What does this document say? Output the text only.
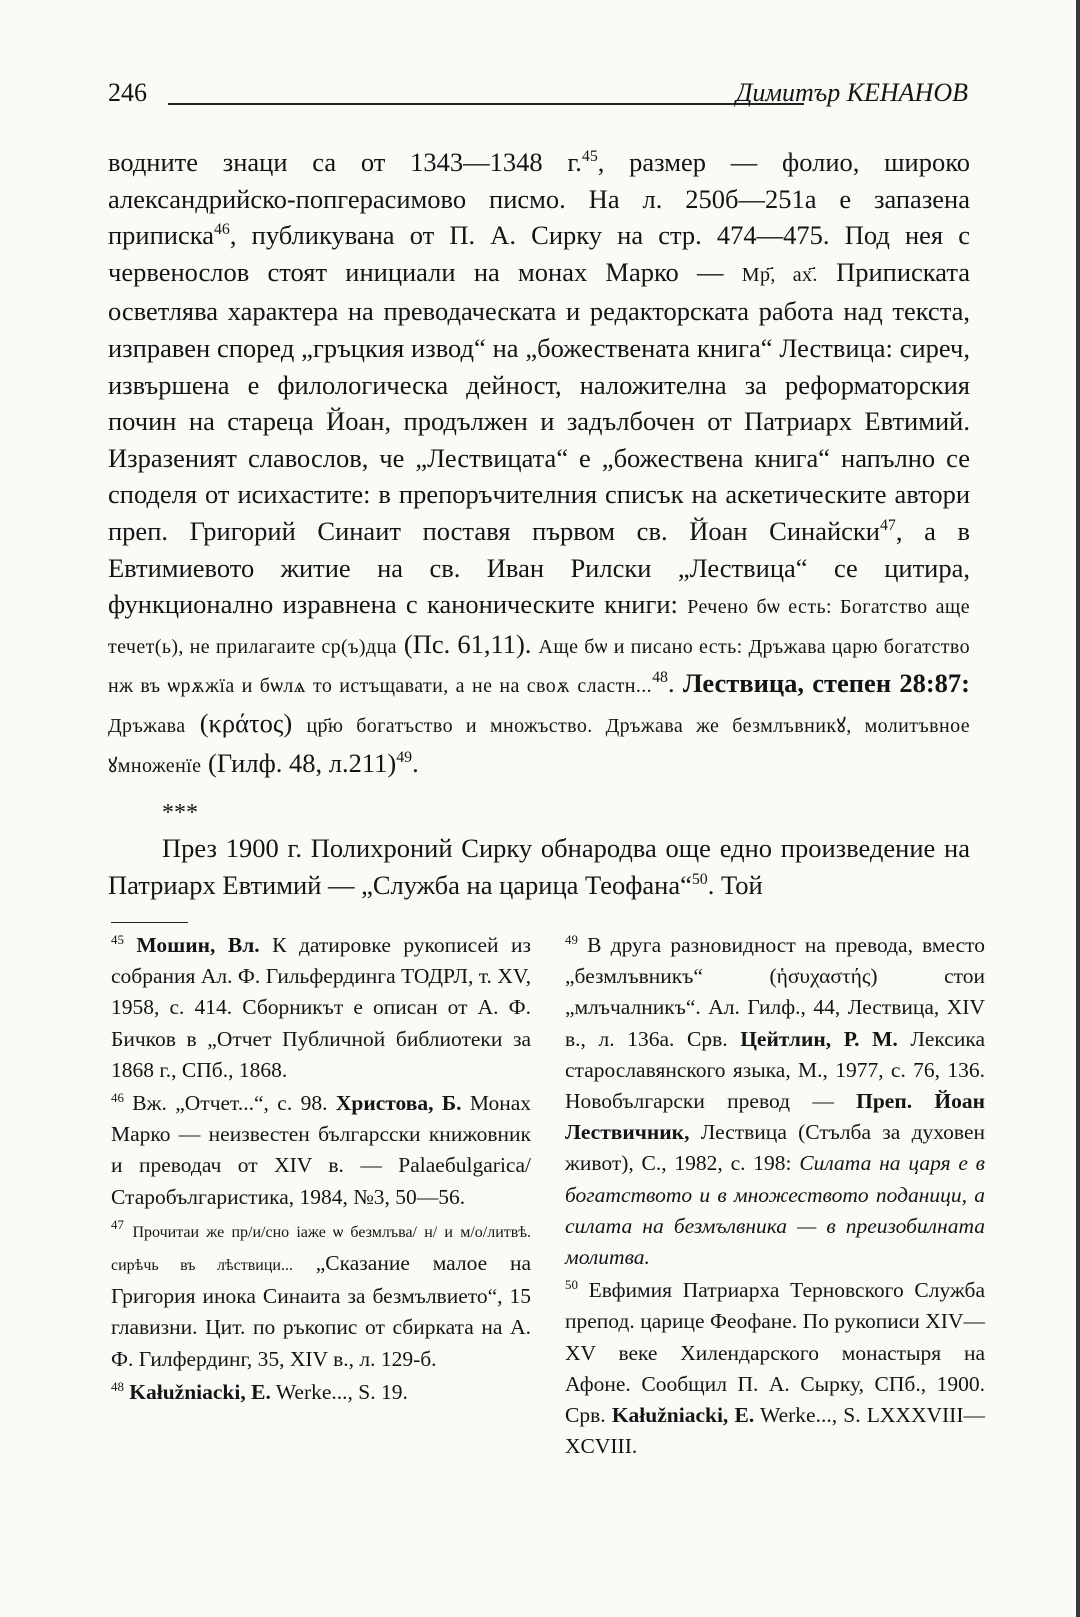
246	Димитър КЕНАНОВ

водните знаци са от 1343—1348 г.$^{45}$, размер — фолио, широко александрийско-попгерасимово писмо. На л. 250б—251а е запазена приписка$^{46}$, публикувана от П. А. Сирку на стр. 474—475. Под нея с червенослов стоят инициали на монах Марко — Мр҃, ах҃. Приписката осветлява характера на преводаческата и редакторската работа над текста, изправен според „гръцкия извод“ на „божествената книга“ Лествица: сиреч, извършена е филологическа дейност, наложителна за реформаторския почин на стареца Йоан, продължен и задълбочен от Патриарх Евтимий. Изразеният славослов, че „Лествицата“ е „божествена книга“ напълно се споделя от исихастите: в препоръчителния списък на аскетическите автори преп. Григорий Синаит поставя първом св. Йоан Синайски$^{47}$, а в Евтимиевото житие на св. Иван Рилски „Лествица“ се цитира, функционално изравнена с каноническите книги: Речено бѡ есть: Богатство аще течет(ь), не прилагаите ср(ъ)дца (Пс. 61,11). Аще бѡ и писано есть: Дръжава царю богатство нж въ ѡрѫжїа и бѡлѧ то истъщавати, а не на своѫ сластн...$^{48}$. Лествица, степен 28:87: Дръжава (κράτος) цр҃ю богатъство и множъство. Дръжава же безмлъвникꙋ, молитъвное ꙋмноженїе (Гилф. 48, л.211)$^{49}$.

***

През 1900 г. Полихроний Сирку обнародва още едно произведение на Патриарх Евтимий — „Служба на царица Теофана“$^{50}$. Той

$^{45}$ Мошин, Вл. К датировке рукописей из собрания Ал. Ф. Гильфердинга ТОДРЛ, т. XV, 1958, с. 414. Сборникът е описан от А. Ф. Бичков в „Отчет Публичной библиотеки за 1868 г., СПб., 1868.

$^{46}$ Вж. „Отчет...“, с. 98. Христова, Б. Монах Марко — неизвестен българcски книжовник и преводач от XIV в. — Palaeбulgarica/Старобългаристика, 1984, №3, 50—56.

$^{47}$ Прочитаи же пр/и/сно іаже ѡ безмлъва/ н/ и м/о/литвѣ. сирѣчь въ лѣствици... „Сказание малое на Григория инока Синаита за безмълвието“, 15 главизни. Цит. по ръкопис от сбирката на А. Ф. Гилфердинг, 35, XIV в., л. 129-б.

$^{48}$ Kałužniacki, E. Werke..., S. 19.

$^{49}$ В друга разновидност на превода, вместо „безмлъвникъ“	(ἡσυχαστής)	стои „млъчалникъ“. Ал. Гилф., 44, Лествица, XIV в., л. 136а. Срв. Цейтлин, Р. М. Лексика старославянского языка, М., 1977, с. 76, 136. Новобългарски превод — Преп. Йоан Лествичник, Лествица (Стълба за духовен живот), С., 1982, с. 198: Силата на царя е в богатството и в множеството поданици, а силата на безмълвника — в преизобилната молитва.

$^{50}$ Евфимия Патриарха Терновского Служба препод. царице Феофане. По рукописи XIV—XV веке Хилендарского монастыря на Афоне. Сообщил П. А. Сырку, СПб., 1900. Срв. Kałužniacki, E. Werke..., S. LXXXVIII—XCVIII.
